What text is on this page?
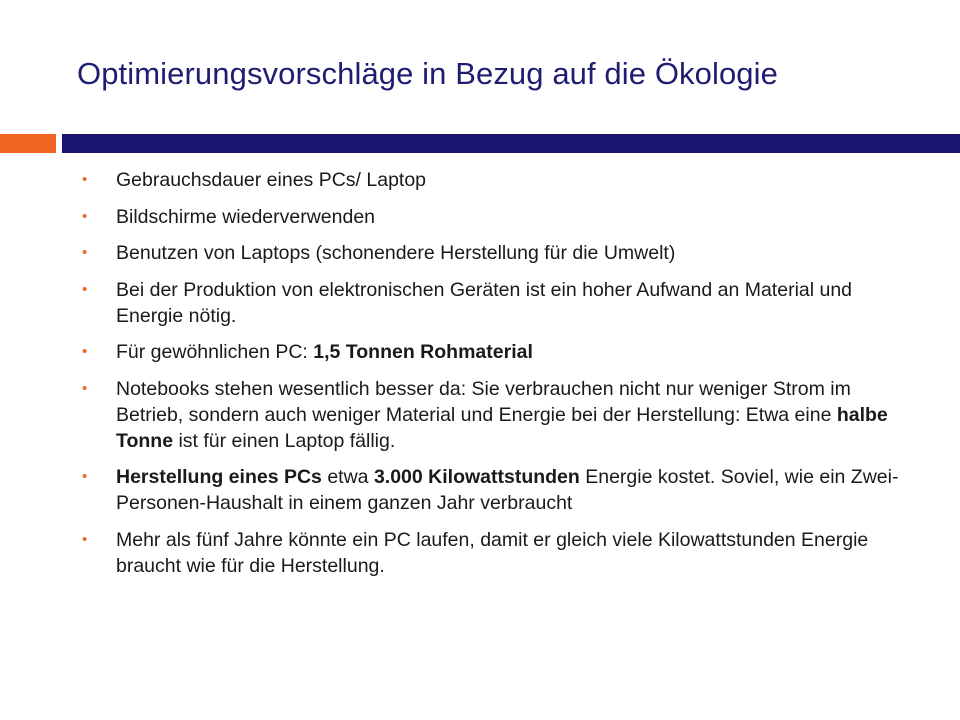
Optimierungsvorschläge in Bezug auf die Ökologie
• Gebrauchsdauer eines PCs/ Laptop
• Bildschirme wiederverwenden
• Benutzen von Laptops (schonendere Herstellung für die Umwelt)
• Bei der Produktion von elektronischen Geräten ist ein hoher Aufwand an Material und Energie nötig.
• Für gewöhnlichen PC: 1,5 Tonnen Rohmaterial
• Notebooks stehen wesentlich besser da: Sie verbrauchen nicht nur weniger Strom im Betrieb, sondern auch weniger Material und Energie bei der Herstellung: Etwa eine halbe Tonne ist für einen Laptop fällig.
• Herstellung eines PCs etwa 3.000 Kilowattstunden Energie kostet. Soviel, wie ein Zwei-Personen-Haushalt in einem ganzen Jahr verbraucht
• Mehr als fünf Jahre könnte ein PC laufen, damit er gleich viele Kilowattstunden Energie braucht wie für die Herstellung.
